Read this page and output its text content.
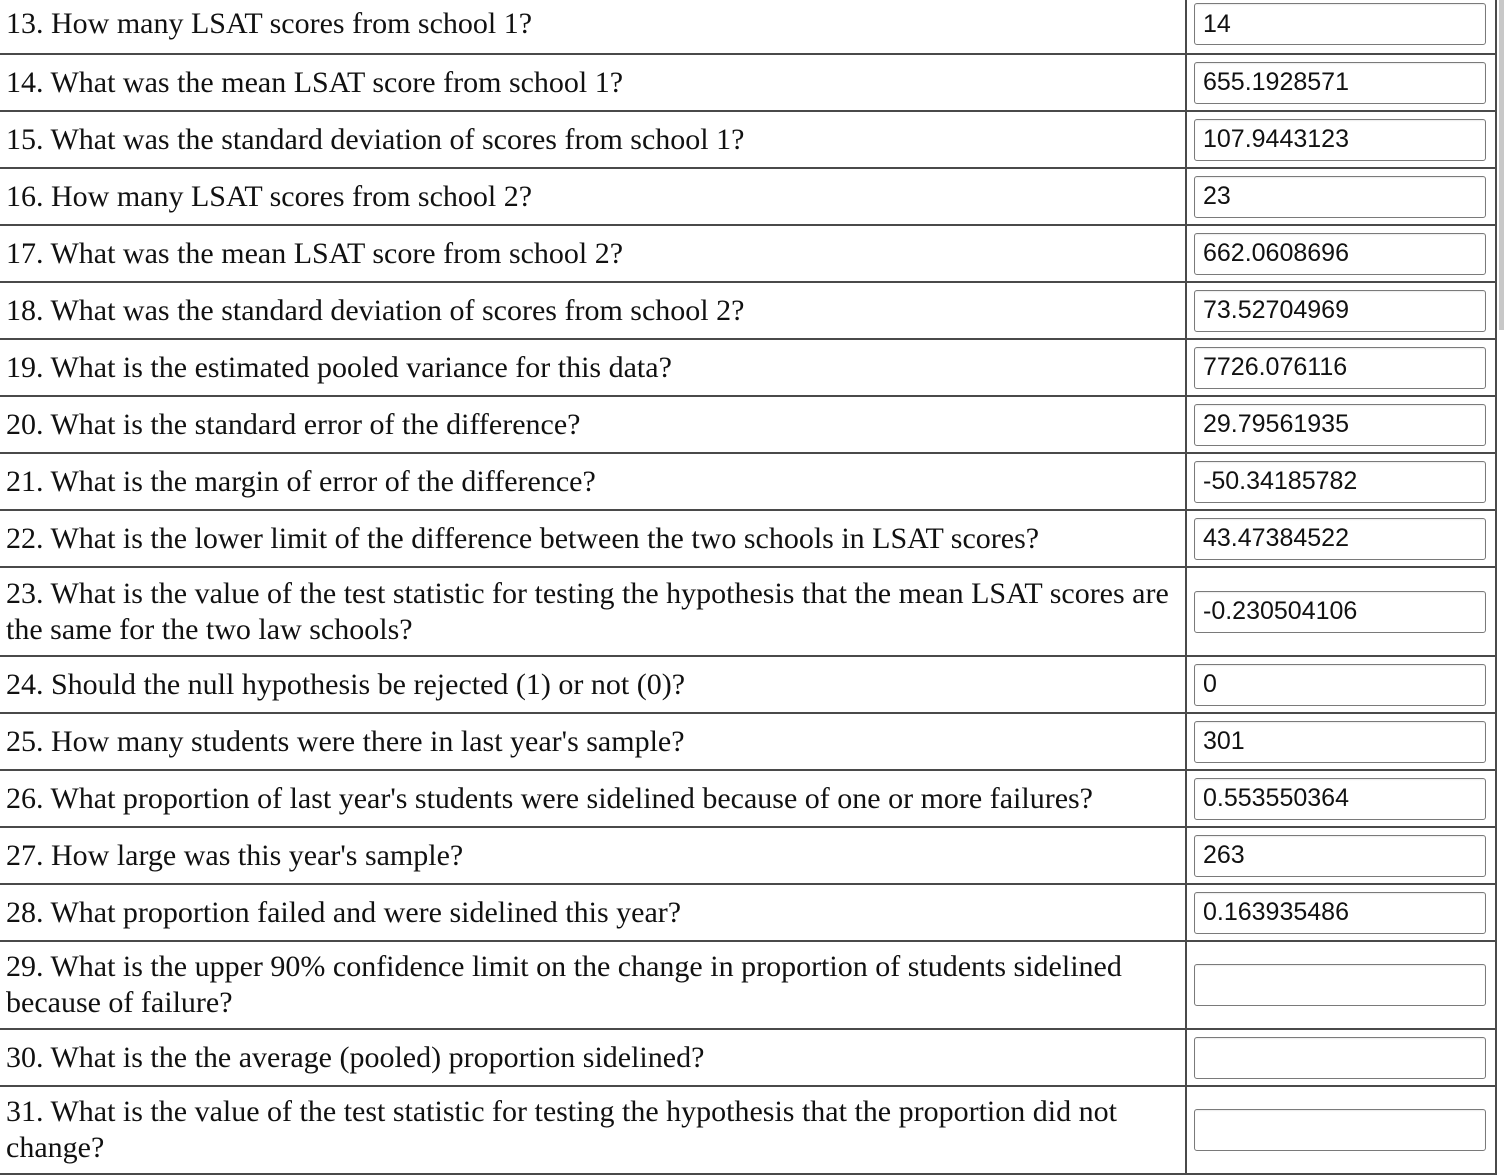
13. How many LSAT scores from school 1?	
14
14. What was the mean LSAT score from school 1?	
655.1928571
15. What was the standard deviation of scores from school 1?	
107.9443123
16. How many LSAT scores from school 2?	
23
17. What was the mean LSAT score from school 2?	
662.0608696
18. What was the standard deviation of scores from school 2?	
73.52704969
19. What is the estimated pooled variance for this data?	
7726.076116
20. What is the standard error of the difference?	
29.79561935
21. What is the margin of error of the difference?	
-50.34185782
22. What is the lower limit of the difference between the two schools in LSAT scores?	
43.47384522
23. What is the value of the test statistic for testing the hypothesis that the mean LSAT scores are the same for the two law schools?	
-0.230504106
24. Should the null hypothesis be rejected (1) or not (0)?	
0
25. How many students were there in last year's sample?	
301
26. What proportion of last year's students were sidelined because of one or more failures?	
0.553550364
27. How large was this year's sample?	
263
28. What proportion failed and were sidelined this year?	
0.163935486
29. What is the upper 90% confidence limit on the change in proportion of students sidelined because of failure?	

30. What is the the average (pooled) proportion sidelined?	

31. What is the value of the test statistic for testing the hypothesis that the proportion did not change?	
